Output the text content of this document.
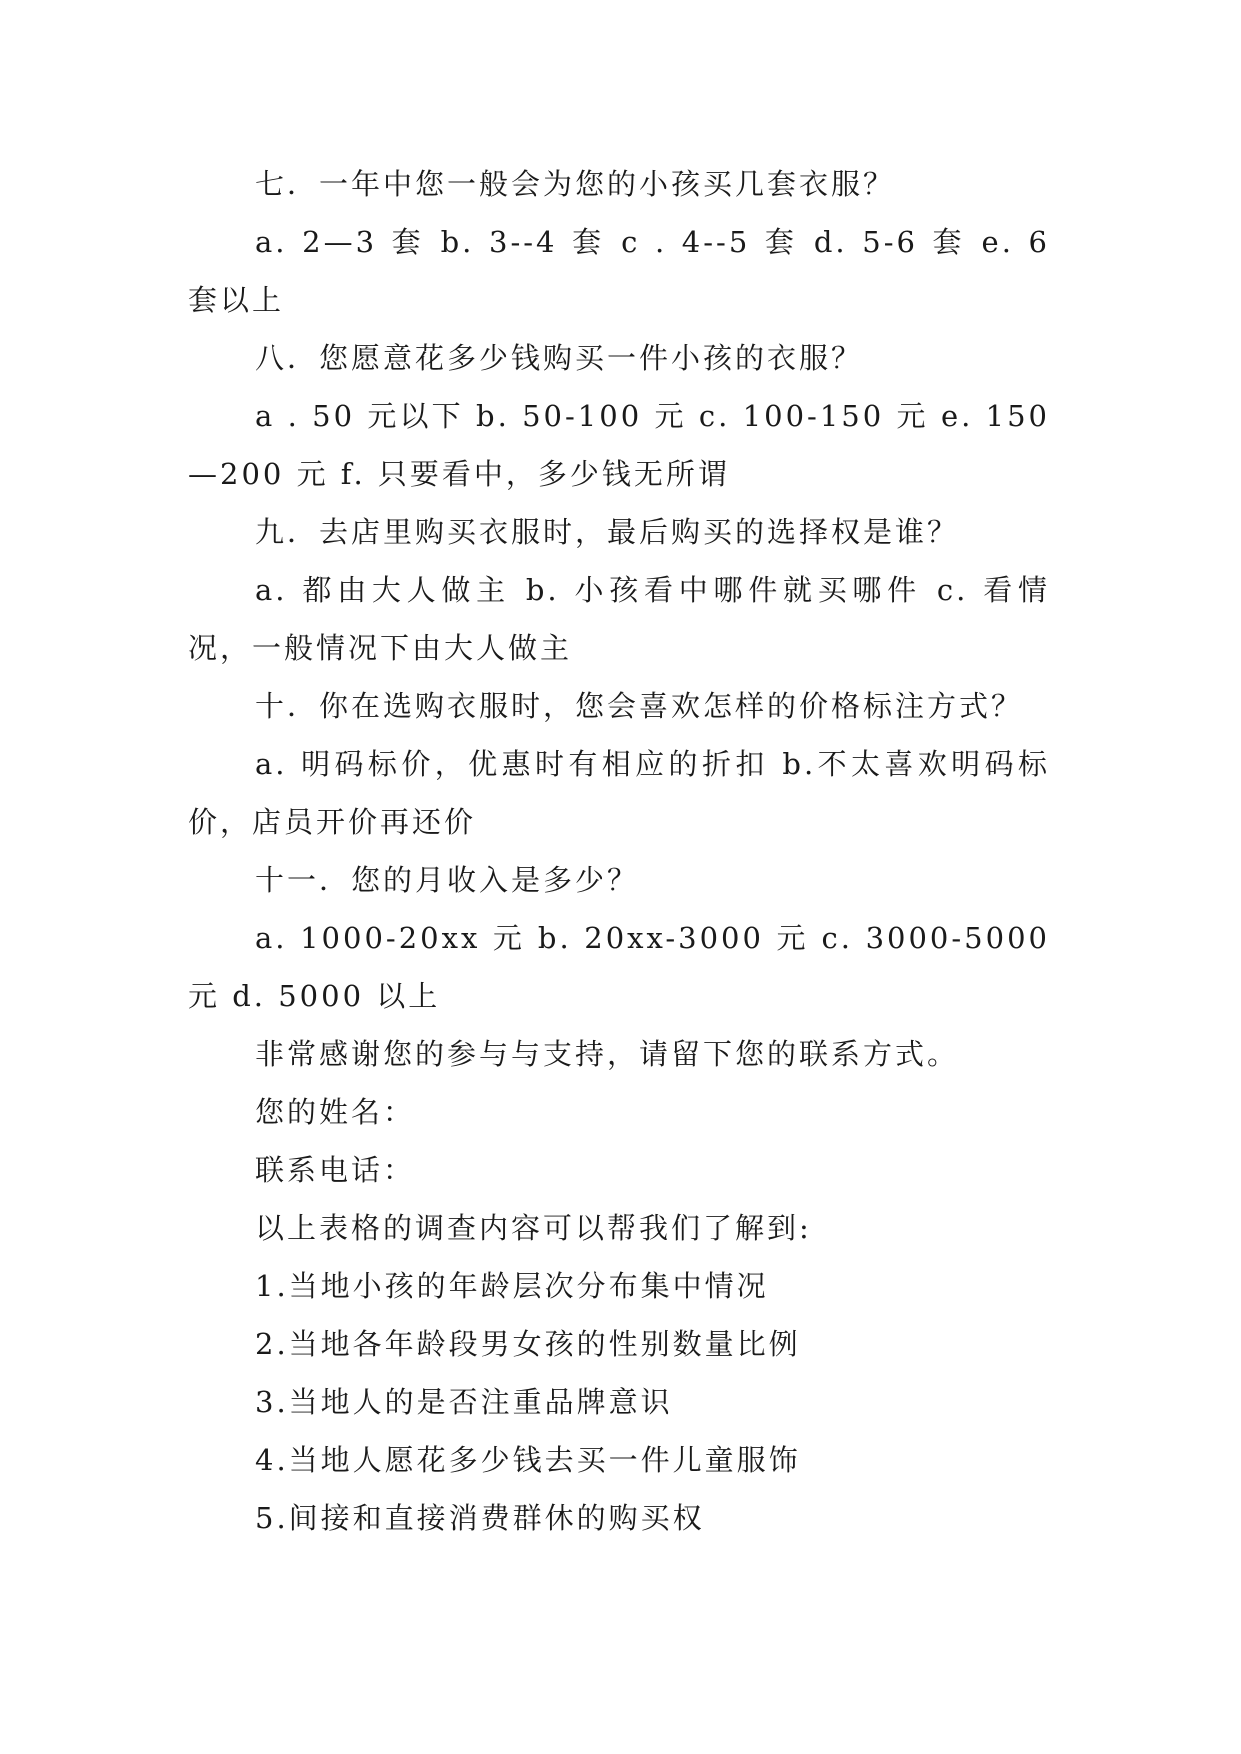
七．一年中您一般会为您的小孩买几套衣服？

a. 2—3 套 b. 3--4 套 c . 4--5 套 d. 5-6 套 e. 6 套以上

八．您愿意花多少钱购买一件小孩的衣服？

a . 50 元以下 b. 50-100 元 c. 100-150 元 e. 150—200 元 f. 只要看中，多少钱无所谓

九．去店里购买衣服时，最后购买的选择权是谁？

a. 都由大人做主 b. 小孩看中哪件就买哪件 c. 看情况，一般情况下由大人做主

十．你在选购衣服时，您会喜欢怎样的价格标注方式？

a. 明码标价，优惠时有相应的折扣 b.不太喜欢明码标价，店员开价再还价

十一．您的月收入是多少？

a. 1000-20xx 元 b. 20xx-3000 元 c. 3000-5000 元 d. 5000 以上

非常感谢您的参与与支持，请留下您的联系方式。

您的姓名：

联系电话：

以上表格的调查内容可以帮我们了解到:

1.当地小孩的年龄层次分布集中情况

2.当地各年龄段男女孩的性别数量比例

3.当地人的是否注重品牌意识

4.当地人愿花多少钱去买一件儿童服饰

5.间接和直接消费群休的购买权
